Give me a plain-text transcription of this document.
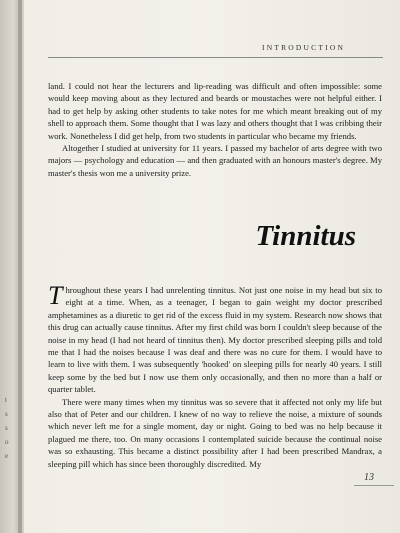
t
s
s
o
e
INTRODUCTION

land. I could not hear the lecturers and lip-reading was difficult and often impossible: some would keep moving about as they lectured and beards or moustaches were not helpful either. I had to get help by asking other students to take notes for me which meant breaking out of my shell to approach them. Some thought that I was lazy and others thought that I was cribbing their work. Nonetheless I did get help, from two students in particular who became my friends.

Altogether I studied at university for 11 years. I passed my bachelor of arts degree with two majors — psychology and education — and then graduated with an honours master's degree. My master's thesis won me a university prize.

Tinnitus

Throughout these years I had unrelenting tinnitus. Not just one noise in my head but six to eight at a time. When, as a teenager, I began to gain weight my doctor prescribed amphetamines as a diuretic to get rid of the excess fluid in my system. Research now shows that this drug can actually cause tinnitus. After my first child was born I couldn't sleep because of the noise in my head (I had not heard of tinnitus then). My doctor prescribed sleeping pills and told me that I had the noises because I was deaf and there was no cure for them. I would have to learn to live with them. I was subsequently 'hooked' on sleeping pills for nearly 40 years. I still keep some by the bed but I now use them only occasionally, and then no more than a half or quarter tablet.

There were many times when my tinnitus was so severe that it affected not only my life but also that of Peter and our children. I knew of no way to relieve the noise, a mixture of sounds which never left me for a single moment, day or night. Going to bed was no help because it plagued me there, too. On many occasions I contemplated suicide because the continual noise was so exhausting. This became a distinct possibility after I had been prescribed Mandrax, a sleeping pill which has since been thoroughly discredited. My

13
